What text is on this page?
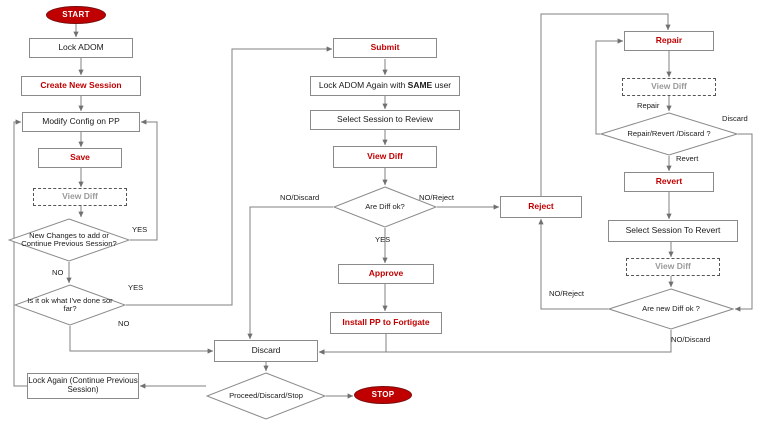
START
Lock ADOM
Create New Session
Modify Config on PP
Save
View Diff
New Changes to add or Continue Previous Session?
Is it ok what I've done sor far?
Submit
Lock ADOM Again with SAME user
Select Session to Review
View Diff
Are Diff ok?
Approve
Install PP to Fortigate
Reject
Repair
View Diff
Repair/Revert /Discard ?
Revert
Select Session To Revert
View Diff
Are new Diff ok ?
Discard
Lock Again (Continue Previous Session)
Proceed/Discard/Stop	STOP
YES
NO
YES
NO
NO/Discard	NO/Reject
YES
Repair
Discard
Revert
NO/Reject
NO/Discard
